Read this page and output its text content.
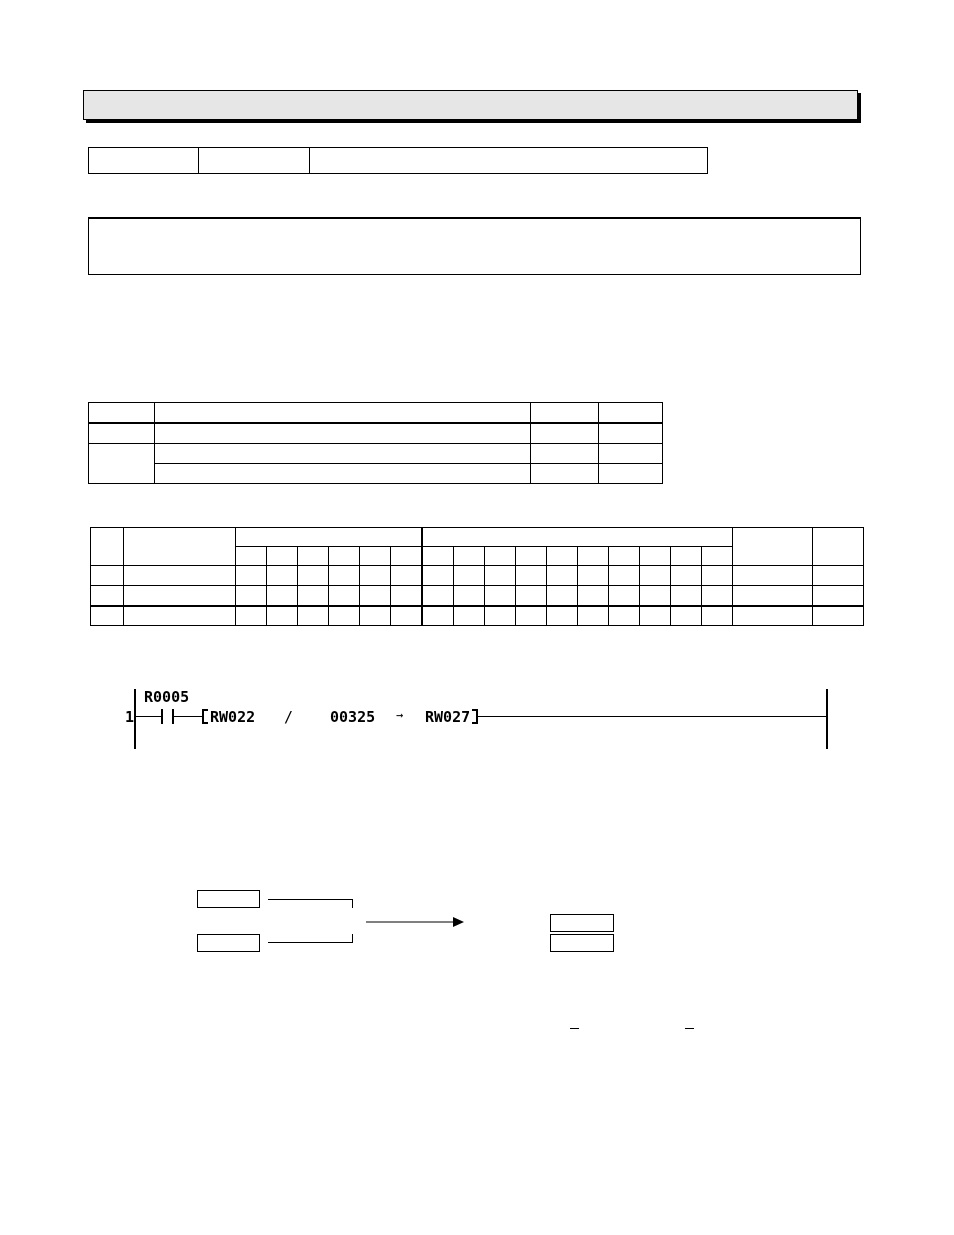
R0005
1	RW022 / 00325 → RW027
